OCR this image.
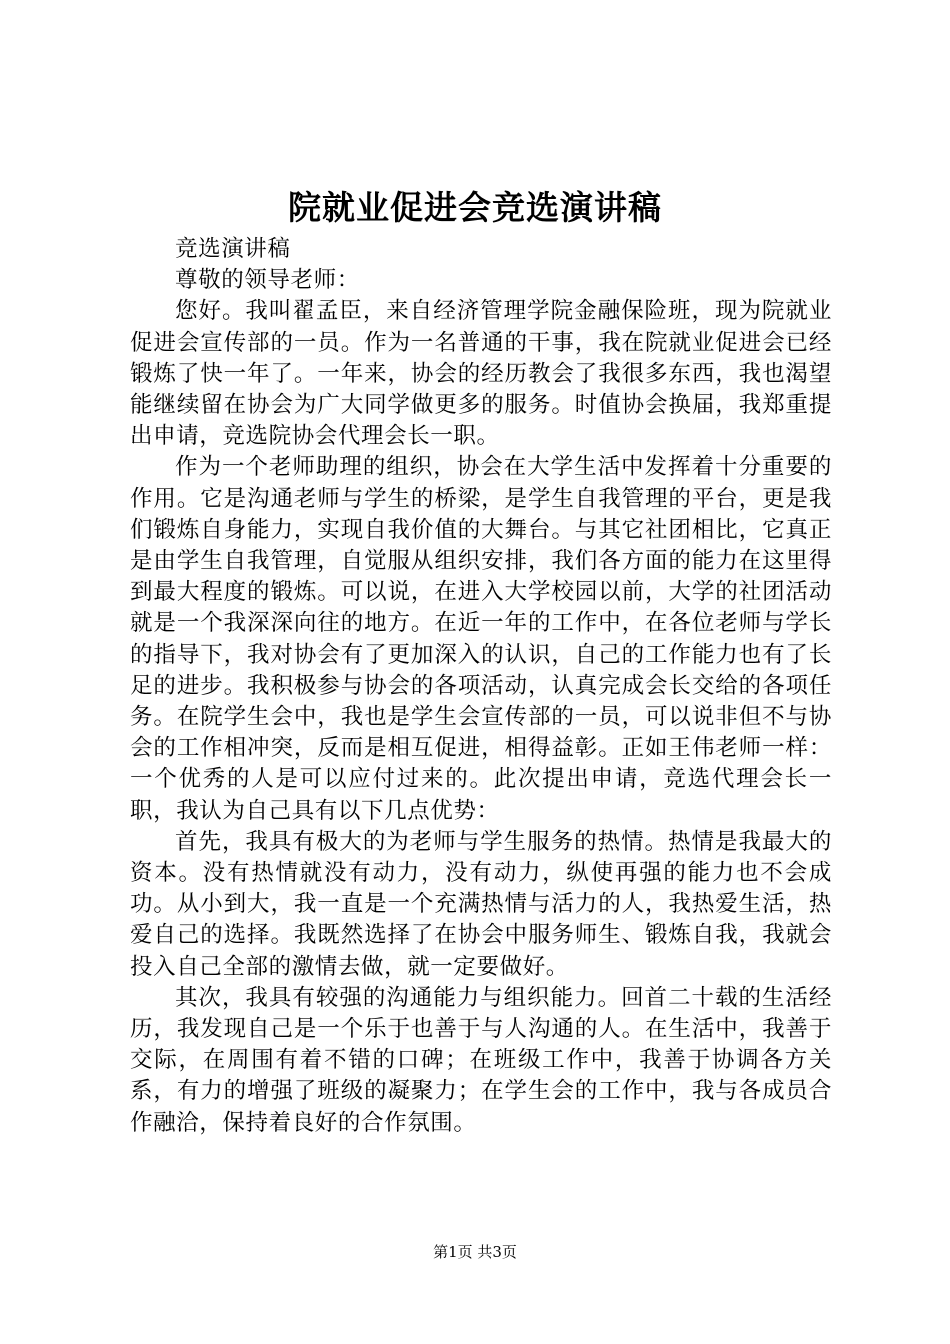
院就业促进会竞选演讲稿

竞选演讲稿

尊敬的领导老师：

您好。我叫翟孟臣，来自经济管理学院金融保险班，现为院就业促进会宣传部的一员。作为一名普通的干事，我在院就业促进会已经锻炼了快一年了。一年来，协会的经历教会了我很多东西，我也渴望能继续留在协会为广大同学做更多的服务。时值协会换届，我郑重提出申请，竞选院协会代理会长一职。

作为一个老师助理的组织，协会在大学生活中发挥着十分重要的作用。它是沟通老师与学生的桥梁，是学生自我管理的平台，更是我们锻炼自身能力，实现自我价值的大舞台。与其它社团相比，它真正是由学生自我管理，自觉服从组织安排，我们各方面的能力在这里得到最大程度的锻炼。可以说，在进入大学校园以前，大学的社团活动就是一个我深深向往的地方。在近一年的工作中，在各位老师与学长的指导下，我对协会有了更加深入的认识，自己的工作能力也有了长足的进步。我积极参与协会的各项活动，认真完成会长交给的各项任务。在院学生会中，我也是学生会宣传部的一员，可以说非但不与协会的工作相冲突，反而是相互促进，相得益彰。正如王伟老师一样：一个优秀的人是可以应付过来的。此次提出申请，竞选代理会长一职，我认为自己具有以下几点优势：

首先，我具有极大的为老师与学生服务的热情。热情是我最大的资本。没有热情就没有动力，没有动力，纵使再强的能力也不会成功。从小到大，我一直是一个充满热情与活力的人，我热爱生活，热爱自己的选择。我既然选择了在协会中服务师生、锻炼自我，我就会投入自己全部的激情去做，就一定要做好。

其次，我具有较强的沟通能力与组织能力。回首二十载的生活经历，我发现自己是一个乐于也善于与人沟通的人。在生活中，我善于交际，在周围有着不错的口碑；在班级工作中，我善于协调各方关系，有力的增强了班级的凝聚力；在学生会的工作中，我与各成员合作融洽，保持着良好的合作氛围。

第1页 共3页
